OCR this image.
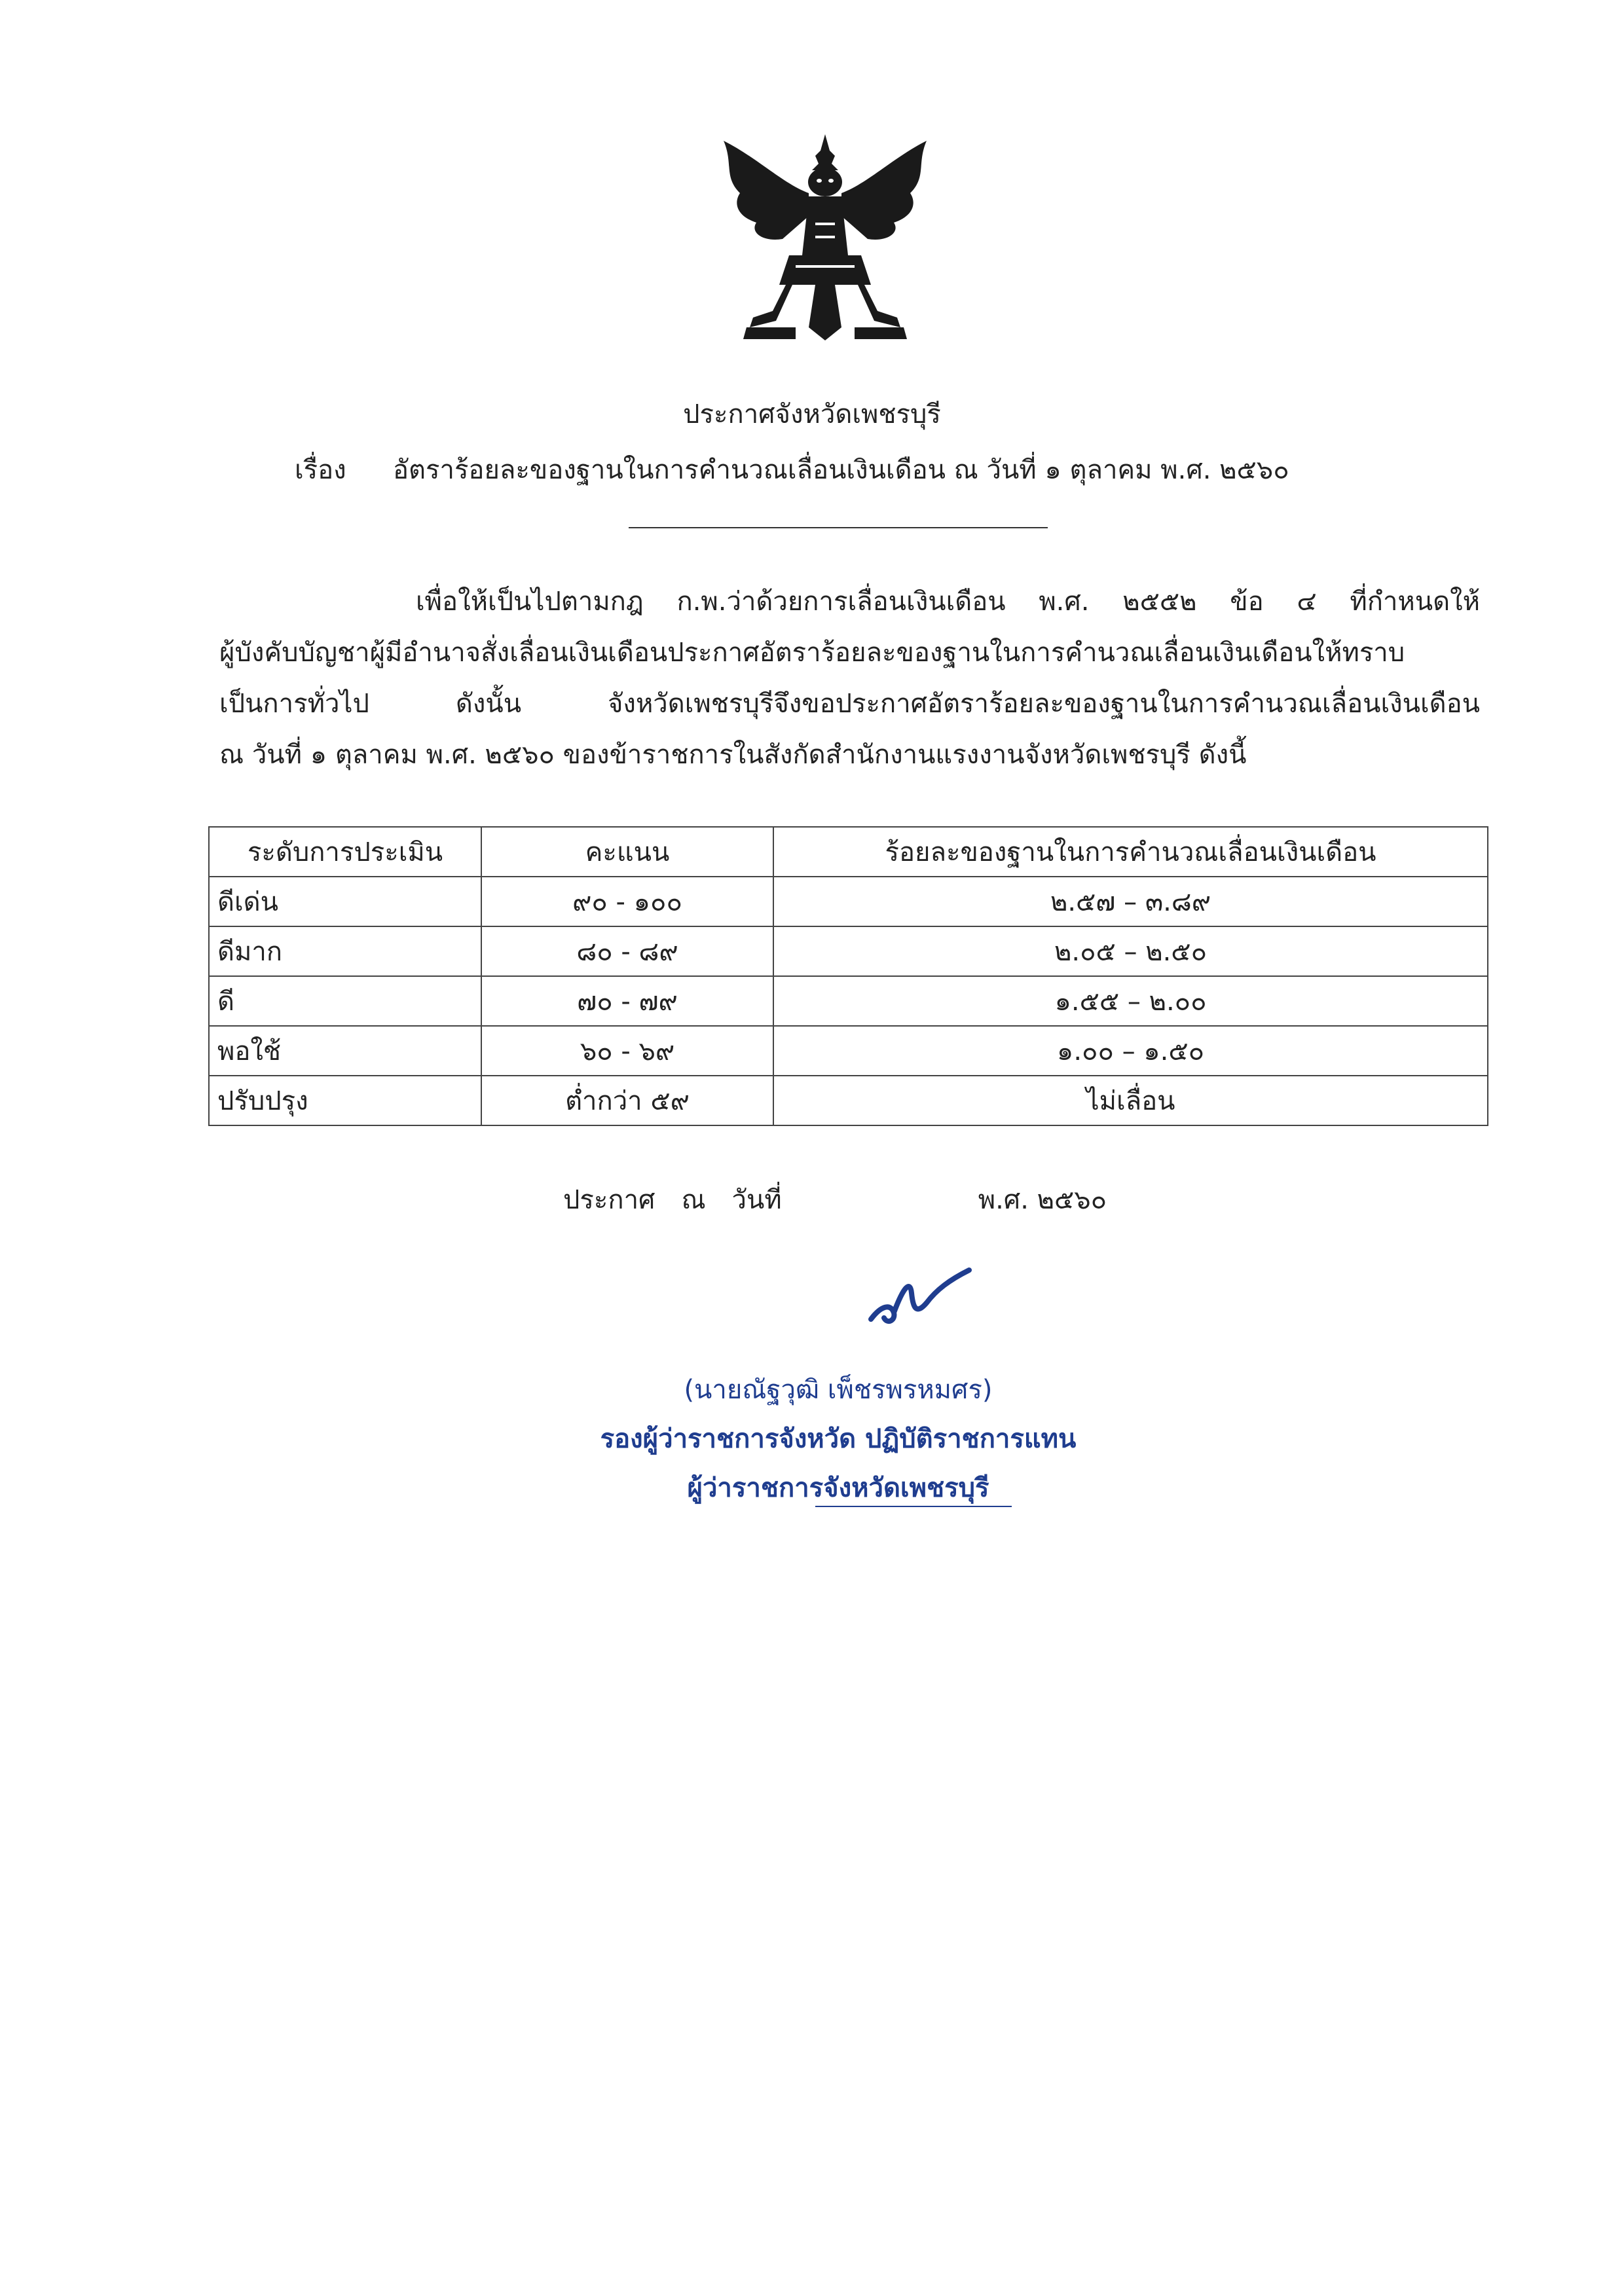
ประกาศจังหวัดเพชรบุรี
เรื่อง อัตราร้อยละของฐานในการคำนวณเลื่อนเงินเดือน ณ วันที่ ๑ ตุลาคม พ.ศ. ๒๕๖๐
เพื่อให้เป็นไปตามกฎ ก.พ.ว่าด้วยการเลื่อนเงินเดือน พ.ศ. ๒๕๕๒ ข้อ ๔ ที่กำหนดให้
ผู้บังคับบัญชาผู้มีอำนาจสั่งเลื่อนเงินเดือนประกาศอัตราร้อยละของฐานในการคำนวณเลื่อนเงินเดือนให้ทราบ
เป็นการทั่วไป ดังนั้น จังหวัดเพชรบุรีจึงขอประกาศอัตราร้อยละของฐานในการคำนวณเลื่อนเงินเดือน
ณ วันที่ ๑ ตุลาคม พ.ศ. ๒๕๖๐ ของข้าราชการในสังกัดสำนักงานแรงงานจังหวัดเพชรบุรี ดังนี้
ระดับการประเมิน	คะแนน	ร้อยละของฐานในการคำนวณเลื่อนเงินเดือน
ดีเด่น	๙๐ - ๑๐๐	๒.๕๗ – ๓.๘๙
ดีมาก	๘๐ - ๘๙	๒.๐๕ – ๒.๕๐
ดี	๗๐ - ๗๙	๑.๕๕ – ๒.๐๐
พอใช้	๖๐ - ๖๙	๑.๐๐ – ๑.๕๐
ปรับปรุง	ต่ำกว่า ๕๙	ไม่เลื่อน
ประกาศ ณ วันที่	พ.ศ. ๒๕๖๐
(นายณัฐวุฒิ เพ็ชรพรหมศร)
รองผู้ว่าราชการจังหวัด ปฏิบัติราชการแทน
ผู้ว่าราชการจังหวัดเพชรบุรี
